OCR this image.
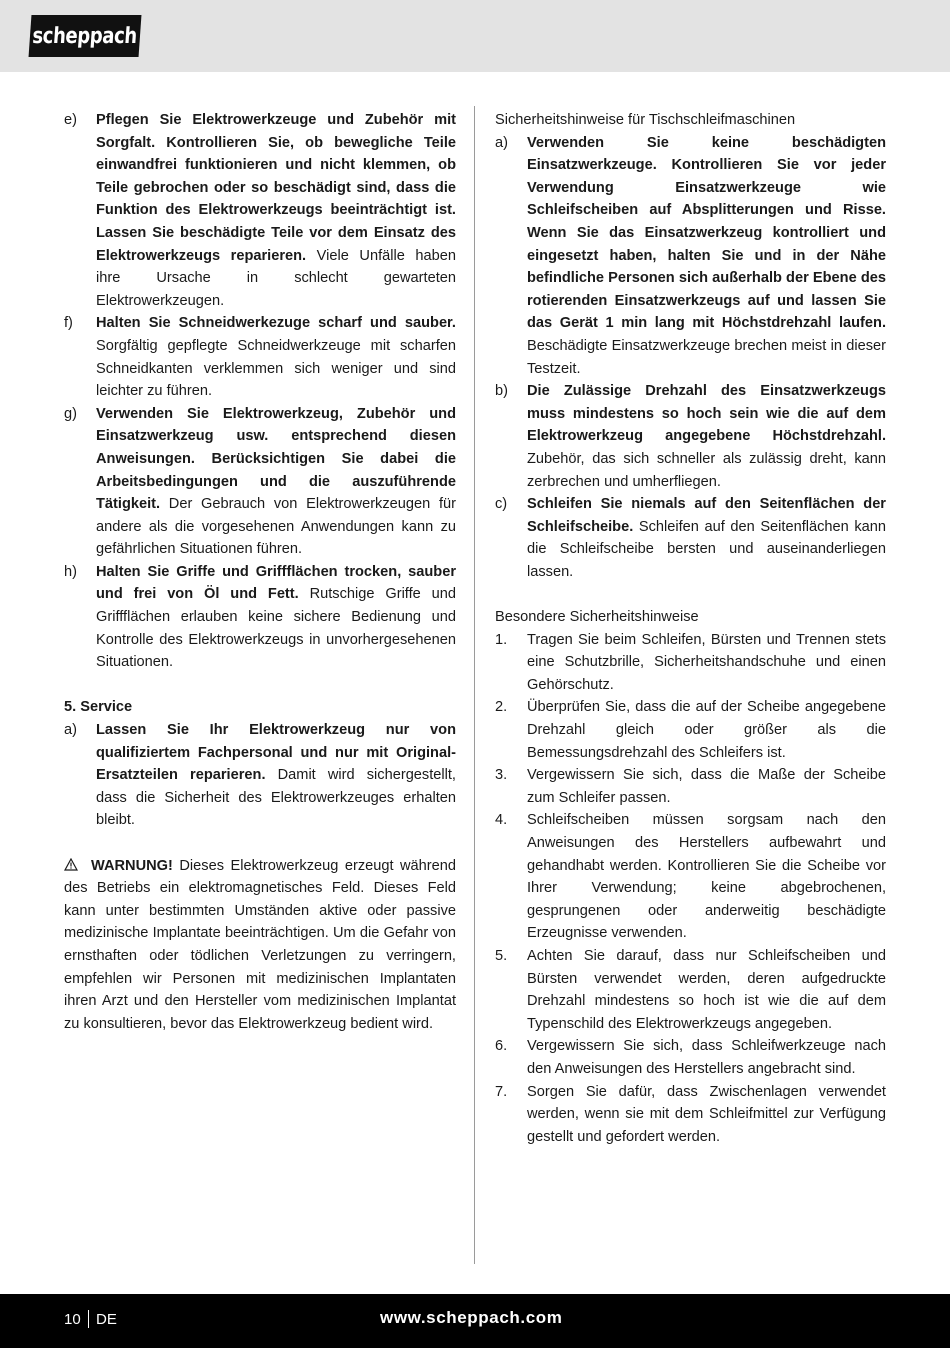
scheppach
e)	Pflegen Sie Elektrowerkzeuge und Zubehör mit Sorgfalt. Kontrollieren Sie, ob bewegliche Teile einwandfrei funktionieren und nicht klemmen, ob Teile gebrochen oder so beschädigt sind, dass die Funktion des Elektrowerkzeugs beeinträchtigt ist. Lassen Sie beschädigte Teile vor dem Einsatz des Elektrowerkzeugs reparieren. Viele Unfälle haben ihre Ursache in schlecht gewarteten Elektrowerkzeugen.
f)	Halten Sie Schneidwerkezuge scharf und sauber. Sorgfältig gepflegte Schneidwerkzeuge mit scharfen Schneidkanten verklemmen sich weniger und sind leichter zu führen.
g)	Verwenden Sie Elektrowerkzeug, Zubehör und Einsatzwerkzeug usw. entsprechend diesen Anweisungen. Berücksichtigen Sie dabei die Arbeitsbedingungen und die auszuführende Tätigkeit. Der Gebrauch von Elektrowerkzeugen für andere als die vorgesehenen Anwendungen kann zu gefährlichen Situationen führen.
h)	Halten Sie Griffe und Griffflächen trocken, sauber und frei von Öl und Fett. Rutschige Griffe und Griffflächen erlauben keine sichere Bedienung und Kontrolle des Elektrowerkzeugs in unvorhergesehenen Situationen.
5. Service
a)	Lassen Sie Ihr Elektrowerkzeug nur von qualifiziertem Fachpersonal und nur mit Original-Ersatzteilen reparieren. Damit wird sichergestellt, dass die Sicherheit des Elektrowerkzeuges erhalten bleibt.
WARNUNG! Dieses Elektrowerkzeug erzeugt während des Betriebs ein elektromagnetisches Feld. Dieses Feld kann unter bestimmten Umständen aktive oder passive medizinische Implantate beeinträchtigen. Um die Gefahr von ernsthaften oder tödlichen Verletzungen zu verringern, empfehlen wir Personen mit medizinischen Implantaten ihren Arzt und den Hersteller vom medizinischen Implantat zu konsultieren, bevor das Elektrowerkzeug bedient wird.
Sicherheitshinweise für Tischschleifmaschinen
a)	Verwenden Sie keine beschädigten Einsatzwerkzeuge. Kontrollieren Sie vor jeder Verwendung Einsatzwerkzeuge wie Schleifscheiben auf Absplitterungen und Risse. Wenn Sie das Einsatzwerkzeug kontrolliert und eingesetzt haben, halten Sie und in der Nähe befindliche Personen sich außerhalb der Ebene des rotierenden Einsatzwerkzeugs auf und lassen Sie das Gerät 1 min lang mit Höchstdrehzahl laufen. Beschädigte Einsatzwerkzeuge brechen meist in dieser Testzeit.
b)	Die Zulässige Drehzahl des Einsatzwerkzeugs muss mindestens so hoch sein wie die auf dem Elektrowerkzeug angegebene Höchstdrehzahl. Zubehör, das sich schneller als zulässig dreht, kann zerbrechen und umherfliegen.
c)	Schleifen Sie niemals auf den Seitenflächen der Schleifscheibe. Schleifen auf den Seitenflächen kann die Schleifscheibe bersten und auseinanderliegen lassen.
Besondere Sicherheitshinweise
1.	Tragen Sie beim Schleifen, Bürsten und Trennen stets eine Schutzbrille, Sicherheitshandschuhe und einen Gehörschutz.
2.	Überprüfen Sie, dass die auf der Scheibe angegebene Drehzahl gleich oder größer als die Bemessungsdrehzahl des Schleifers ist.
3.	Vergewissern Sie sich, dass die Maße der Scheibe zum Schleifer passen.
4.	Schleifscheiben müssen sorgsam nach den Anweisungen des Herstellers aufbewahrt und gehandhabt werden. Kontrollieren Sie die Scheibe vor Ihrer Verwendung; keine abgebrochenen, gesprungenen oder anderweitig beschädigte Erzeugnisse verwenden.
5.	Achten Sie darauf, dass nur Schleifscheiben und Bürsten verwendet werden, deren aufgedruckte Drehzahl mindestens so hoch ist wie die auf dem Typenschild des Elektrowerkzeugs angegeben.
6.	Vergewissern Sie sich, dass Schleifwerkzeuge nach den Anweisungen des Herstellers angebracht sind.
7.	Sorgen Sie dafür, dass Zwischenlagen verwendet werden, wenn sie mit dem Schleifmittel zur Verfügung gestellt und gefordert werden.
10 DE	www.scheppach.com
